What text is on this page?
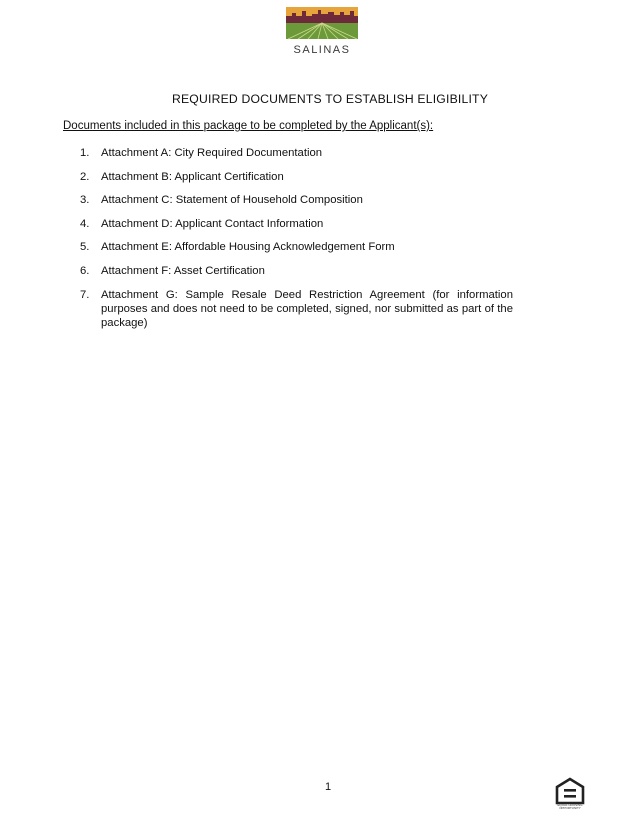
SALINAS
REQUIRED DOCUMENTS TO ESTABLISH ELIGIBILITY
Documents included in this package to be completed by the Applicant(s):
1.	Attachment A: City Required Documentation
2.	Attachment B: Applicant Certification
3.	Attachment C: Statement of Household Composition
4.	Attachment D: Applicant Contact Information
5.	Attachment E: Affordable Housing Acknowledgement Form
6.	Attachment F: Asset Certification
7.	Attachment G: Sample Resale Deed Restriction Agreement (for information purposes and does not need to be completed, signed, nor submitted as part of the package)
1
EQUAL HOUSING OPPORTUNITY
